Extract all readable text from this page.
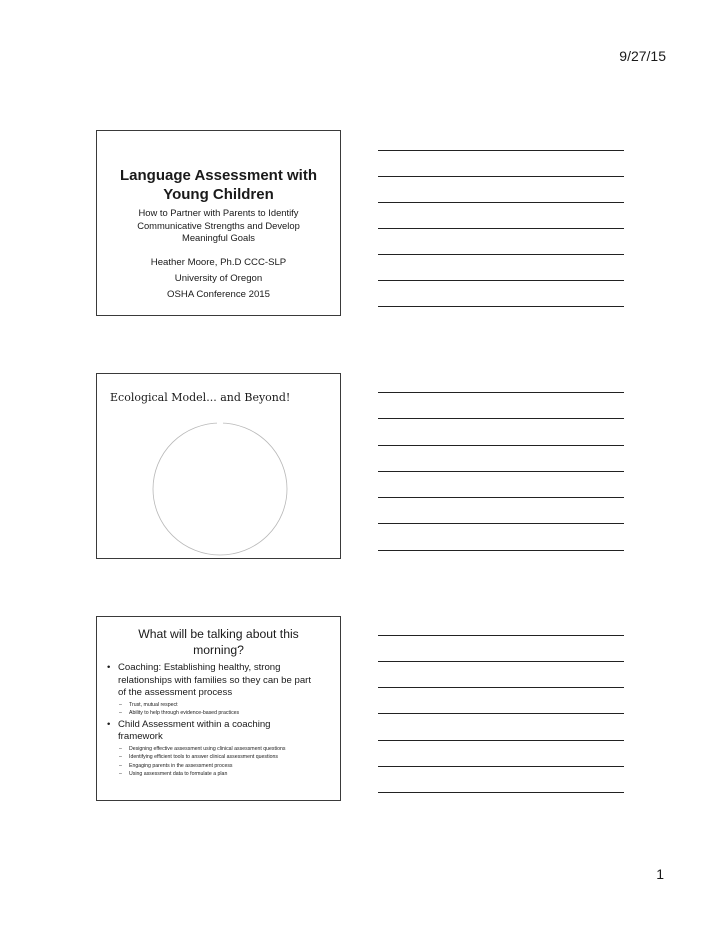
9/27/15
Language Assessment with
Young Children
How to Partner with Parents to Identify
Communicative Strengths and Develop
Meaningful Goals
Heather Moore, Ph.D CCC-SLP
University of Oregon
OSHA Conference 2015
Ecological Model... and Beyond!
What will be talking about this
morning?
• Coaching: Establishing healthy, strong
relationships with families so they can be part
of the assessment process
– Trust, mutual respect
– Ability to help through evidence-based practices
• Child Assessment within a coaching
framework
– Designing effective assessment using clinical assessment questions
– Identifying efficient tools to answer clinical assessment questions
– Engaging parents in the assessment process
– Using assessment data to formulate a plan
1
